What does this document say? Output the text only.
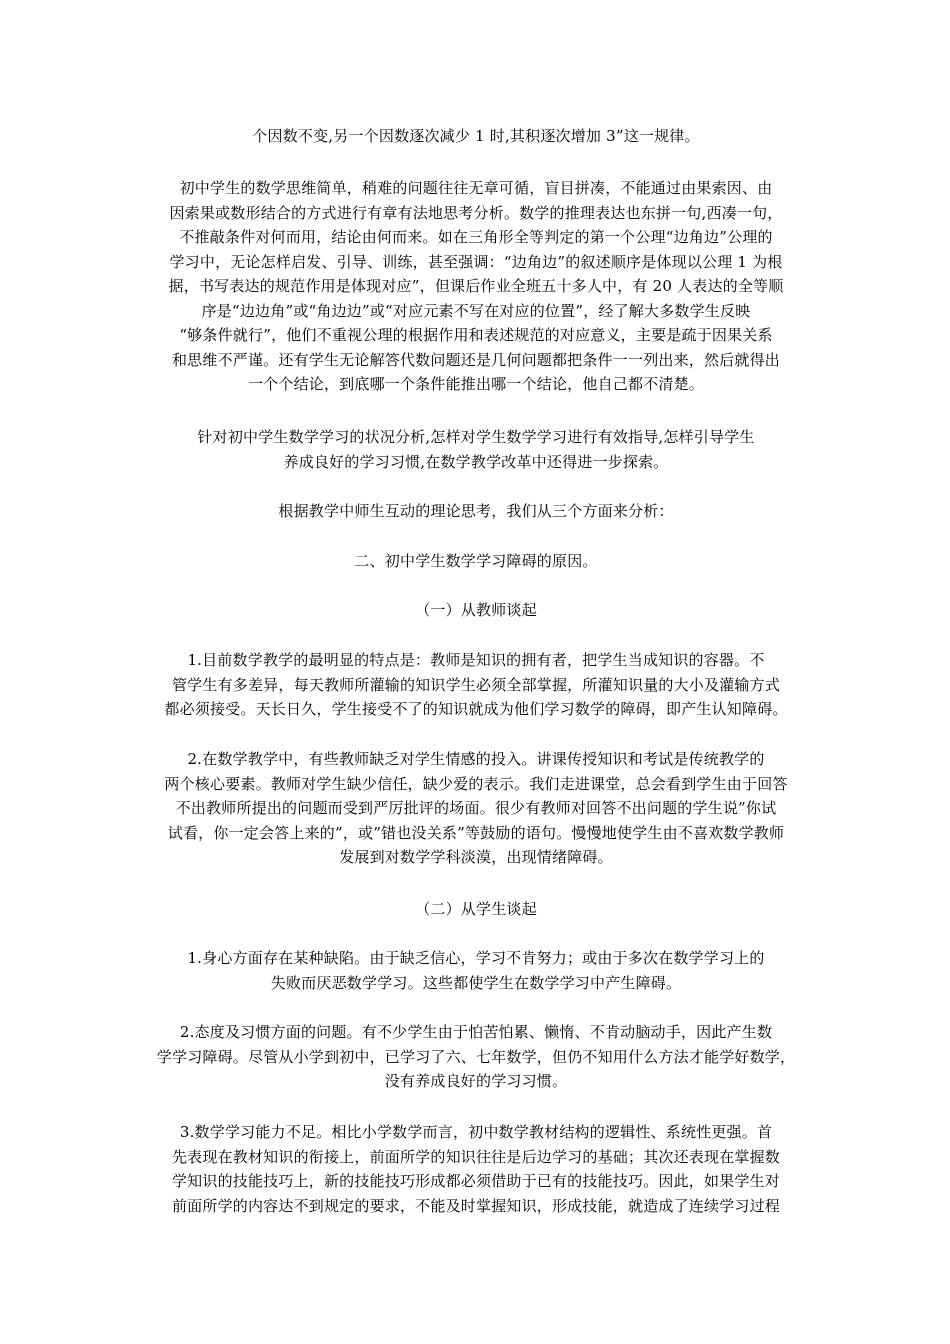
个因数不变,另一个因数逐次减少 1 时,其积逐次增加 3”这一规律。

初中学生的数学思维简单，稍难的问题往往无章可循，盲目拼凑，不能通过由果索因、由
因索果或数形结合的方式进行有章有法地思考分析。数学的推理表达也东拼一句,西凑一句，
不推敲条件对何而用，结论由何而来。如在三角形全等判定的第一个公理“边角边”公理的
学习中，无论怎样启发、引导、训练，甚至强调：“边角边”的叙述顺序是体现以公理 1 为根
据，书写表达的规范作用是体现对应”，但课后作业全班五十多人中，有 20 人表达的全等顺
序是“边边角”或“角边边”或“对应元素不写在对应的位置”，经了解大多数学生反映
“够条件就行”，他们不重视公理的根据作用和表述规范的对应意义，主要是疏于因果关系
和思维不严谨。还有学生无论解答代数问题还是几何问题都把条件一一列出来，然后就得出
一个个结论，到底哪一个条件能推出哪一个结论，他自己都不清楚。

针对初中学生数学学习的状况分析,怎样对学生数学学习进行有效指导,怎样引导学生
养成良好的学习习惯,在数学教学改革中还得进一步探索。

根据教学中师生互动的理论思考，我们从三个方面来分析：

二、初中学生数学学习障碍的原因。

（一）从教师谈起

1.目前数学教学的最明显的特点是：教师是知识的拥有者，把学生当成知识的容器。不
管学生有多差异，每天教师所灌输的知识学生必须全部掌握，所灌知识量的大小及灌输方式
都必须接受。天长日久，学生接受不了的知识就成为他们学习数学的障碍，即产生认知障碍。

2.在数学教学中，有些教师缺乏对学生情感的投入。讲课传授知识和考试是传统教学的
两个核心要素。教师对学生缺少信任，缺少爱的表示。我们走进课堂，总会看到学生由于回答
不出教师所提出的问题而受到严厉批评的场面。很少有教师对回答不出问题的学生说”你试
试看，你一定会答上来的”，或”错也没关系”等鼓励的语句。慢慢地使学生由不喜欢数学教师
发展到对数学学科淡漠，出现情绪障碍。

（二）从学生谈起

1.身心方面存在某种缺陷。由于缺乏信心，学习不肯努力；或由于多次在数学学习上的
失败而厌恶数学学习。这些都使学生在数学学习中产生障碍。

2.态度及习惯方面的问题。有不少学生由于怕苦怕累、懒惰、不肯动脑动手，因此产生数
学学习障碍。尽管从小学到初中，已学习了六、七年数学，但仍不知用什么方法才能学好数学，
没有养成良好的学习习惯。

3.数学学习能力不足。相比小学数学而言，初中数学教材结构的逻辑性、系统性更强。首
先表现在教材知识的衔接上，前面所学的知识往往是后边学习的基础；其次还表现在掌握数
学知识的技能技巧上，新的技能技巧形成都必须借助于已有的技能技巧。因此，如果学生对
前面所学的内容达不到规定的要求，不能及时掌握知识，形成技能，就造成了连续学习过程
